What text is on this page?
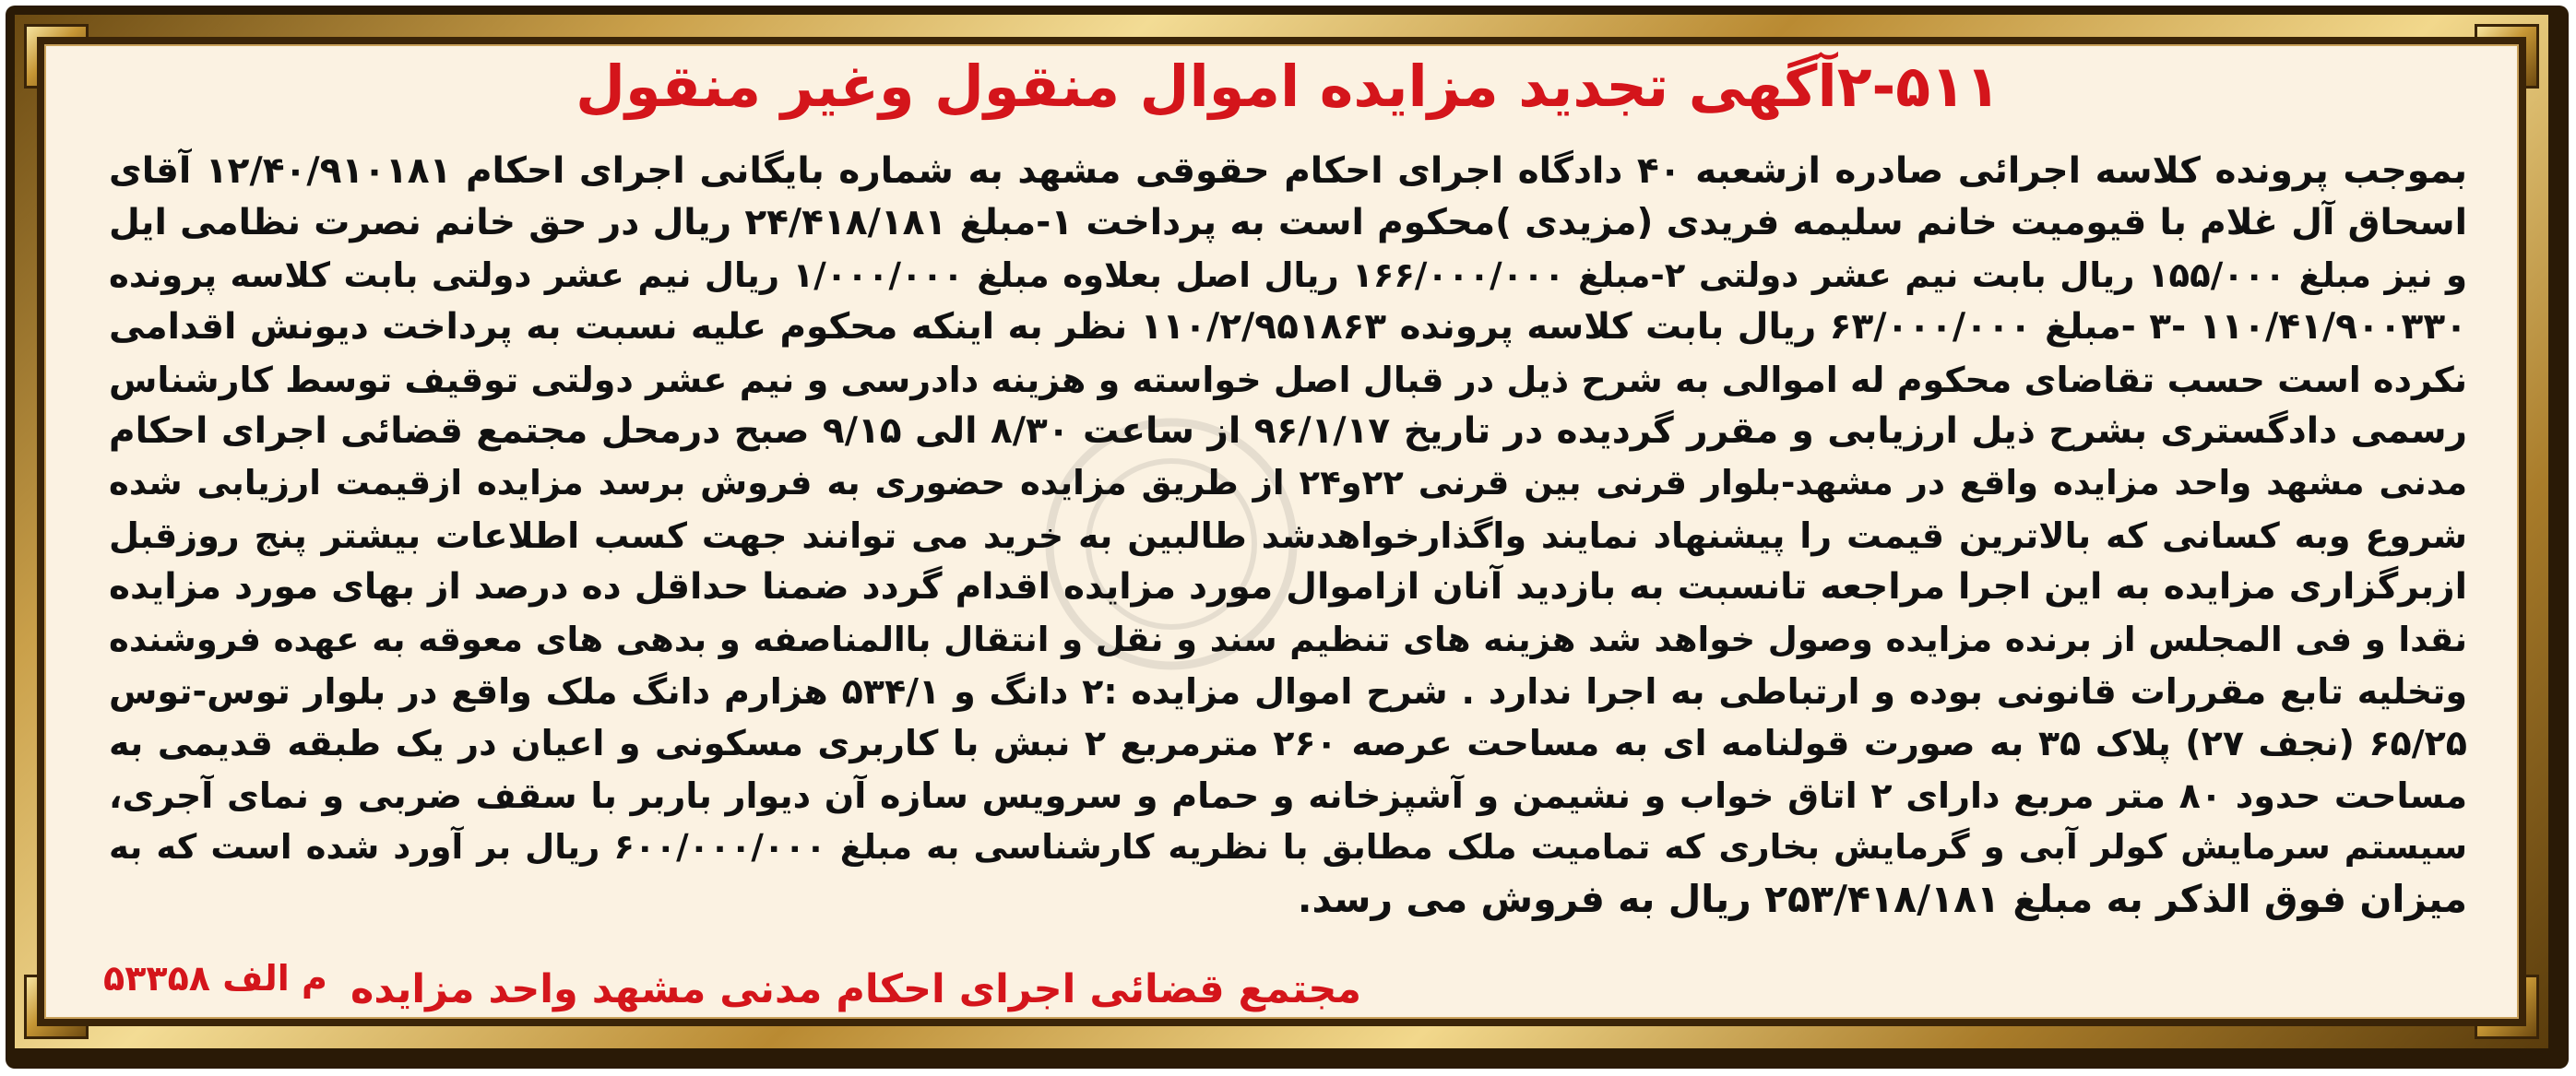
۲-۵۱۱آگهی تجدید مزایده اموال منقول وغیر منقول
بموجب پرونده کلاسه اجرائی صادره ازشعبه ۴۰ دادگاه اجرای احکام حقوقی مشهد به شماره بایگانی اجرای احکام ۱۲/۴۰/۹۱۰۱۸۱ آقای
اسحاق آل غلام با قیومیت خانم سلیمه فریدی (مزیدی )محکوم است به پرداخت ۱-مبلغ ۲۴/۴۱۸/۱۸۱ ریال در حق خانم نصرت نظامی ایل
و نیز مبلغ ۱۵۵/۰۰۰ ریال بابت نیم عشر دولتی ۲-مبلغ ۱۶۶/۰۰۰/۰۰۰ ریال اصل بعلاوه مبلغ ۱/۰۰۰/۰۰۰ ریال نیم عشر دولتی بابت کلاسه پرونده
۱۱۰/۴۱/۹۰۰۳۳۰ -۳ -مبلغ ۶۳/۰۰۰/۰۰۰ ریال بابت کلاسه پرونده ۱۱۰/۲/۹۵۱۸۶۳ نظر به اینکه محکوم علیه نسبت به پرداخت دیونش اقدامی
نکرده است حسب تقاضای محکوم له اموالی به شرح ذیل در قبال اصل خواسته و هزینه دادرسی و نیم عشر دولتی توقیف توسط کارشناس
رسمی دادگستری بشرح ذیل ارزیابی و مقرر گردیده در تاریخ ۹۶/۱/۱۷ از ساعت ۸/۳۰ الی ۹/۱۵ صبح درمحل مجتمع قضائی اجرای احکام
مدنی مشهد واحد مزایده واقع در مشهد-بلوار قرنی بین قرنی ۲۲و۲۴ از طریق مزایده حضوری به فروش برسد مزایده ازقیمت ارزیابی شده
شروع وبه کسانی که بالاترین قیمت را پیشنهاد نمایند واگذارخواهدشد طالبین به خرید می توانند جهت کسب اطلاعات بیشتر پنج روزقبل
ازبرگزاری مزایده به این اجرا مراجعه تانسبت به بازدید آنان ازاموال مورد مزایده اقدام گردد ضمنا حداقل ده درصد از بهای مورد مزایده
نقدا و فی المجلس از برنده مزایده وصول خواهد شد هزینه های تنظیم سند و نقل و انتقال باالمناصفه و بدهی های معوقه به عهده فروشنده
وتخلیه تابع مقررات قانونی بوده و ارتباطی به اجرا ندارد . شرح اموال مزایده :۲ دانگ و ۵۳۴/۱ هزارم دانگ ملک واقع در بلوار توس-توس
۶۵/۲۵ (نجف ۲۷) پلاک ۳۵ به صورت قولنامه ای به مساحت عرصه ۲۶۰ مترمربع ۲ نبش با کاربری مسکونی و اعیان در یک طبقه قدیمی به
مساحت حدود ۸۰ متر مربع دارای ۲ اتاق خواب و نشیمن و آشپزخانه و حمام و سرویس سازه آن دیوار باربر با سقف ضربی و نمای آجری،
سیستم سرمایش کولر آبی و گرمایش بخاری که تمامیت ملک مطابق با نظریه کارشناسی به مبلغ ۶۰۰/۰۰۰/۰۰۰ ریال بر آورد شده است که به
میزان فوق الذکر به مبلغ ۲۵۳/۴۱۸/۱۸۱ ریال به فروش می رسد.
مجتمع قضائی اجرای احکام مدنی مشهد واحد مزایده
م الف ۵۳۳۵۸
